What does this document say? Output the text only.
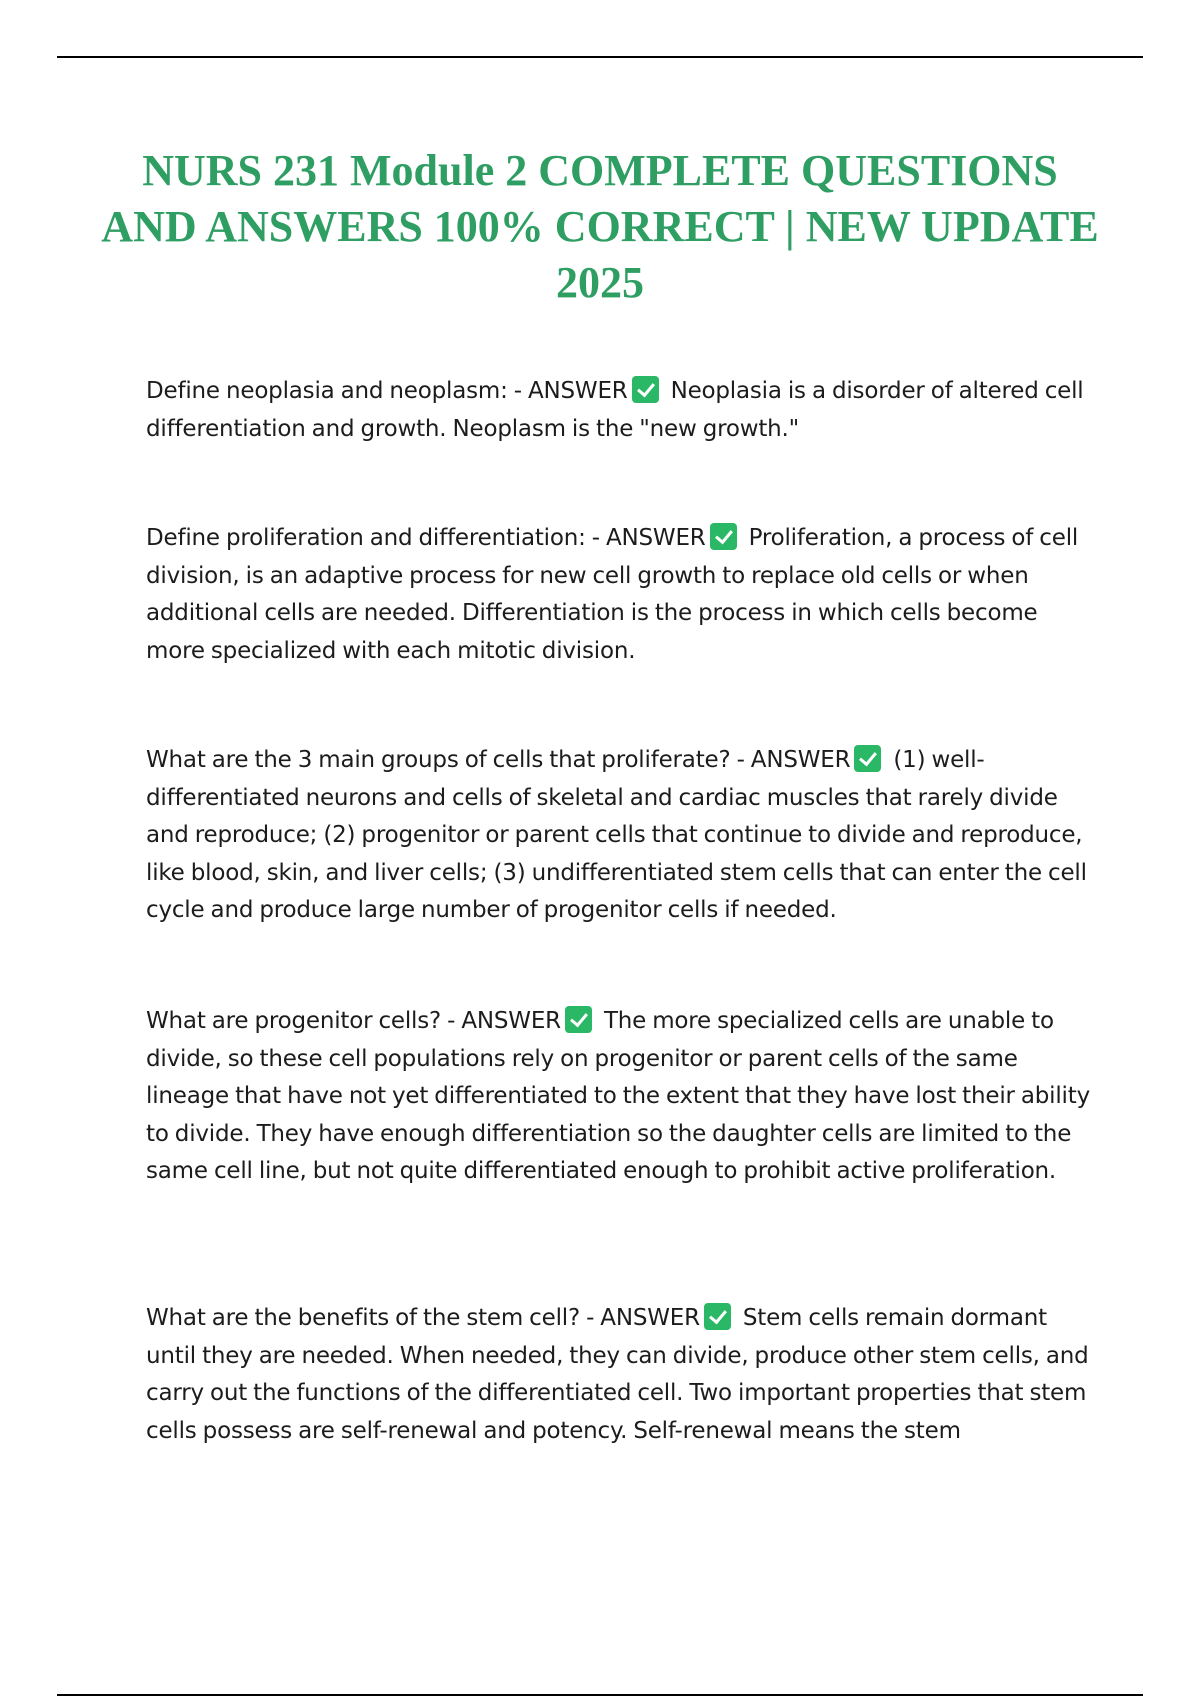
NURS 231 Module 2 COMPLETE QUESTIONS AND ANSWERS 100% CORRECT | NEW UPDATE 2025

Define neoplasia and neoplasm: - ANSWER Neoplasia is a disorder of altered cell differentiation and growth. Neoplasm is the "new growth."

Define proliferation and differentiation: - ANSWER Proliferation, a process of cell division, is an adaptive process for new cell growth to replace old cells or when additional cells are needed. Differentiation is the process in which cells become more specialized with each mitotic division.

What are the 3 main groups of cells that proliferate? - ANSWER (1) well-differentiated neurons and cells of skeletal and cardiac muscles that rarely divide and reproduce; (2) progenitor or parent cells that continue to divide and reproduce, like blood, skin, and liver cells; (3) undifferentiated stem cells that can enter the cell cycle and produce large number of progenitor cells if needed.

What are progenitor cells? - ANSWER The more specialized cells are unable to divide, so these cell populations rely on progenitor or parent cells of the same lineage that have not yet differentiated to the extent that they have lost their ability to divide. They have enough differentiation so the daughter cells are limited to the same cell line, but not quite differentiated enough to prohibit active proliferation.

What are the benefits of the stem cell? - ANSWER Stem cells remain dormant until they are needed. When needed, they can divide, produce other stem cells, and carry out the functions of the differentiated cell. Two important properties that stem cells possess are self-renewal and potency. Self-renewal means the stem
